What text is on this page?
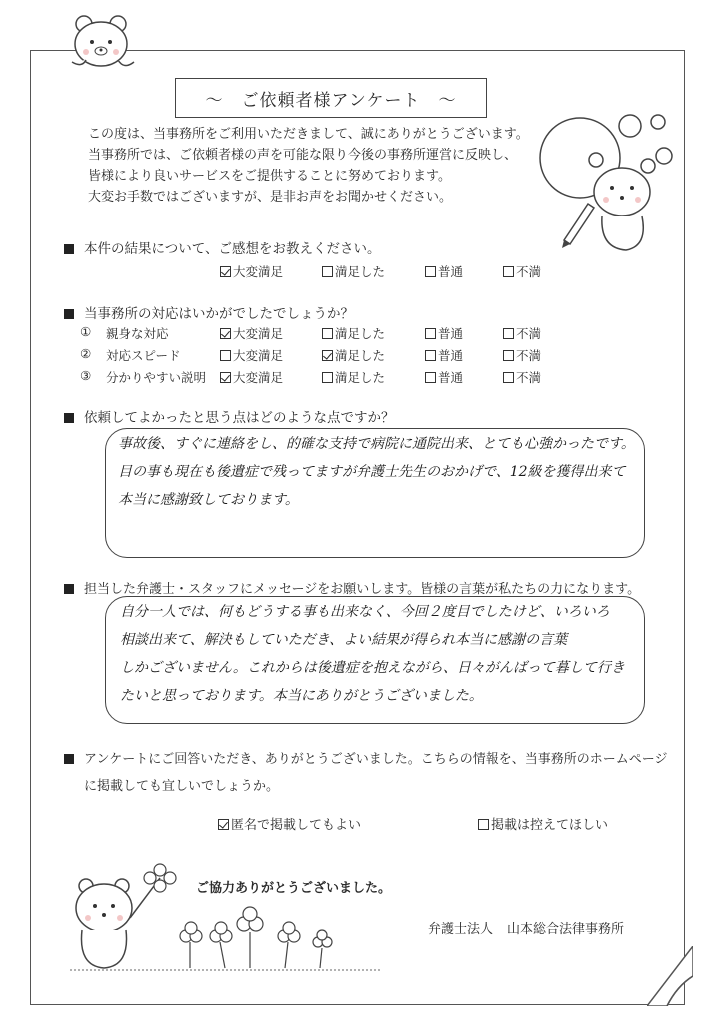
～　ご依頼者様アンケート　～
この度は、当事務所をご利用いただきまして、誠にありがとうございます。
当事務所では、ご依頼者様の声を可能な限り今後の事務所運営に反映し、
皆様により良いサービスをご提供することに努めております。
大変お手数ではございますが、是非お声をお聞かせください。
本件の結果について、ご感想をお教えください。
大変満足	満足した	普通	不満
当事務所の対応はいかがでしたでしょうか？
① 親身な対応	大変満足	満足した	普通	不満
② 対応スピード	大変満足	満足した	普通	不満
③ 分かりやすい説明	大変満足	満足した	普通	不満
依頼してよかったと思う点はどのような点ですか？
事故後、すぐに連絡をし、的確な支持で病院に通院出来、とても心強かったです。
目の事も現在も後遺症で残ってますが弁護士先生のおかげで、12級を獲得出来て
本当に感謝致しております。
担当した弁護士・スタッフにメッセージをお願いします。皆様の言葉が私たちの力になります。
自分一人では、何もどうする事も出来なく、今回２度目でしたけど、いろいろ
相談出来て、解決もしていただき、よい結果が得られ本当に感謝の言葉
しかございません。これからは後遺症を抱えながら、日々がんばって暮して行き
たいと思っております。本当にありがとうございました。
アンケートにご回答いただき、ありがとうございました。こちらの情報を、当事務所のホームページ
に掲載しても宜しいでしょうか。
匿名で掲載してもよい	掲載は控えてほしい
ご協力ありがとうございました。
弁護士法人 山本総合法律事務所
